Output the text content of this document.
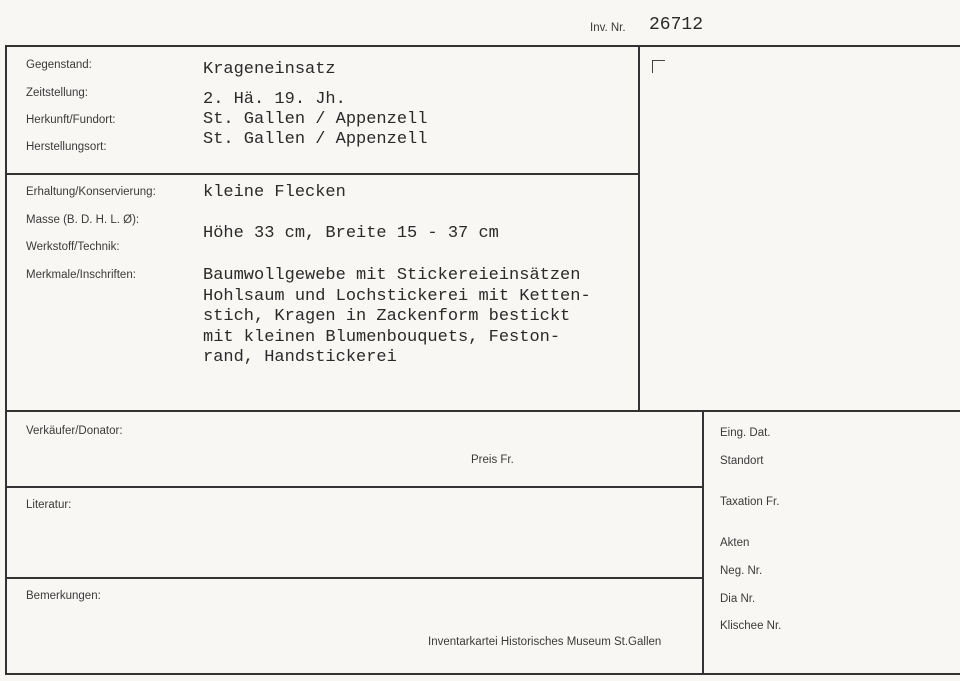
Inv. Nr. 26712
Gegenstand:
Zeitstellung:
Herkunft/Fundort:
Herstellungsort:
Krageneinsatz
2. Hä. 19. Jh.
St. Gallen / Appenzell
St. Gallen / Appenzell
Erhaltung/Konservierung:
Masse (B. D. H. L. Ø):
Werkstoff/Technik:
Merkmale/Inschriften:
kleine Flecken
Höhe 33 cm, Breite 15 - 37 cm
Baumwollgewebe mit Stickereieinsätzen
Hohlsaum und Lochstickerei mit Ketten-
stich, Kragen in Zackenform bestickt
mit kleinen Blumenbouquets, Feston-
rand, Handstickerei
Verkäufer/Donator:
Preis Fr.
Literatur:
Bemerkungen:
Inventarkartei Historisches Museum St.Gallen
Eing. Dat.
Standort
Taxation Fr.
Akten
Neg. Nr.
Dia Nr.
Klischee Nr.
